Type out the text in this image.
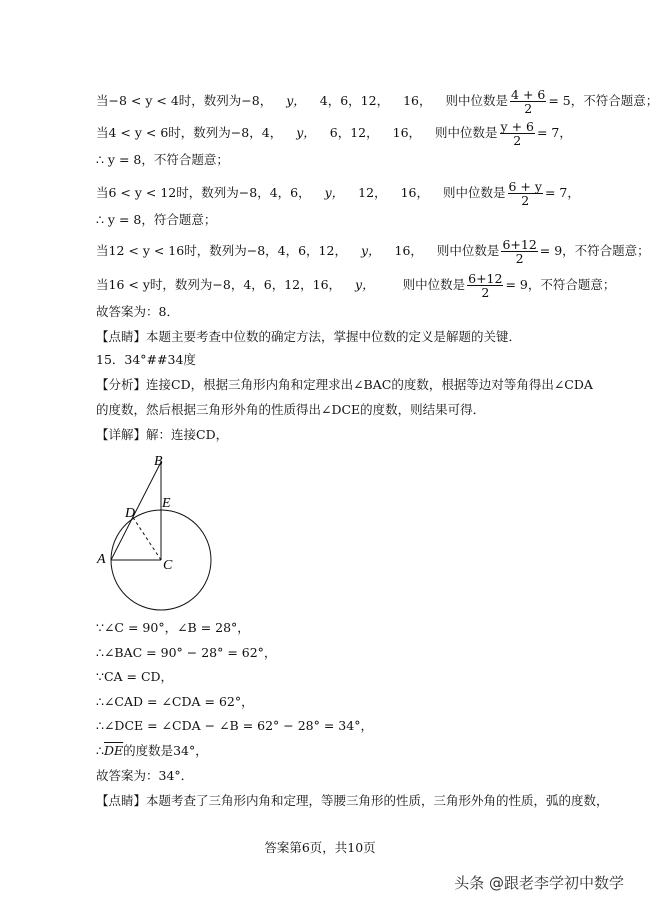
当−8 < y < 4时，数列为−8， y， 4，6，12， 16， 则中位数是 $\frac{4 + 6}{2} = 5$，不符合题意；
当4 < y < 6时，数列为−8，4， y， 6，12， 16， 则中位数是 $\frac{y + 6}{2} = 7$，
∴ y = 8，不符合题意；
当6 < y < 12时，数列为−8，4，6， y， 12， 16， 则中位数是 $\frac{6 + y}{2} = 7$，
∴ y = 8，符合题意；
当12 < y < 16时，数列为−8，4，6，12， y， 16， 则中位数是 $\frac{6+12}{2} = 9$，不符合题意；
当16 < y时，数列为−8，4，6，12，16， y， 则中位数是 $\frac{6+12}{2} = 9$，不符合题意；
故答案为：8．
【点睛】本题主要考查中位数的确定方法，掌握中位数的定义是解题的关键．
15．34°##34度
【分析】连接CD，根据三角形内角和定理求出∠BAC的度数，根据等边对等角得出∠CDA
的度数，然后根据三角形外角的性质得出∠DCE的度数，则结果可得．
【详解】解：连接CD，
B
E
D
A	C
∵∠C = 90°，∠B = 28°，
∴∠BAC = 90° − 28° = 62°，
∵CA = CD，
∴∠CAD = ∠CDA = 62°，
∴∠DCE = ∠CDA − ∠B = 62° − 28° = 34°，
$\therefore\overline{DE}$的度数是34°，
故答案为：34°．
【点睛】本题考查了三角形内角和定理，等腰三角形的性质，三角形外角的性质，弧的度数，
答案第6页，共10页
头条 @跟老李学初中数学
